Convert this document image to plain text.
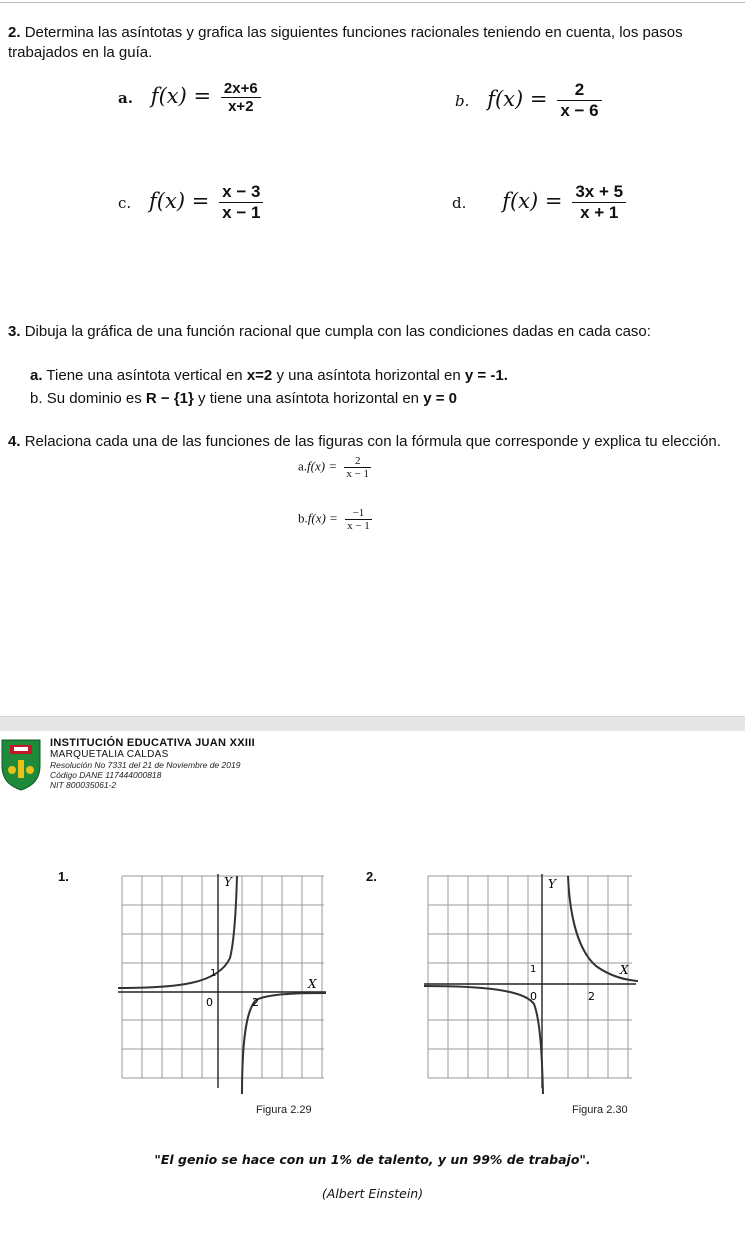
2. Determina las asíntotas y grafica las siguientes funciones racionales teniendo en cuenta, los pasos trabajados en la guía.
a. $f(x) = \frac{2x+6}{x+2}$	b. $f(x) = \frac{2}{x - 6}$
c. $f(x) = \frac{x - 3}{x - 1}$	d. $f(x) = \frac{3x + 5}{x + 1}$
3. Dibuja la gráfica de una función racional que cumpla con las condiciones dadas en cada caso:
a. Tiene una asíntota vertical en x=2 y una asíntota horizontal en y = -1.
b. Su dominio es R − {1} y tiene una asíntota horizontal en y = 0
4. Relaciona cada una de las funciones de las figuras con la fórmula que corresponde y explica tu elección.
$a.f(x) = \frac{2}{x - 1}$
$b.f(x) = \frac{-1}{x - 1}$
INSTITUCIÓN EDUCATIVA JUAN XXIII
MARQUETALIA CALDAS
Resolución No 7331 del 21 de Noviembre de 2019
Código DANE 117444000818
NIT 800035061-2
1.	2.
Y
X
1
0	2
Figura 2.29
Y
X
1
0	2
Figura 2.30
"El genio se hace con un 1% de talento, y un 99% de trabajo".
(Albert Einstein)
